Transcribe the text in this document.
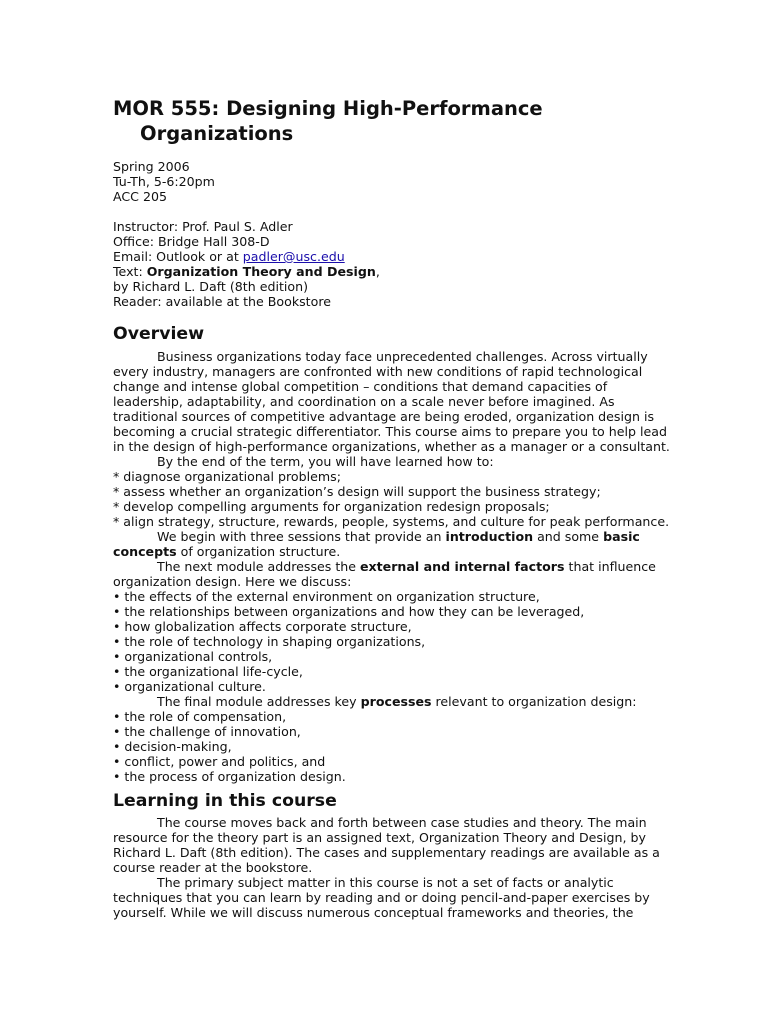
MOR 555: Designing High-Performance Organizations

Spring 2006

Tu-Th, 5-6:20pm

ACC 205

Instructor: Prof. Paul S. Adler

Office: Bridge Hall 308-D

Email: Outlook or at padler@usc.edu

Text: Organization Theory and Design,

by Richard L. Daft (8th edition)

Reader: available at the Bookstore

Overview

Business organizations today face unprecedented challenges. Across virtually

every industry, managers are confronted with new conditions of rapid technological

change and intense global competition – conditions that demand capacities of

leadership, adaptability, and coordination on a scale never before imagined. As

traditional sources of competitive advantage are being eroded, organization design is

becoming a crucial strategic differentiator. This course aims to prepare you to help lead

in the design of high-performance organizations, whether as a manager or a consultant.

By the end of the term, you will have learned how to:

* diagnose organizational problems;

* assess whether an organization’s design will support the business strategy;

* develop compelling arguments for organization redesign proposals;

* align strategy, structure, rewards, people, systems, and culture for peak performance.

We begin with three sessions that provide an introduction and some basic

concepts of organization structure.

The next module addresses the external and internal factors that influence

organization design. Here we discuss:

• the effects of the external environment on organization structure,

• the relationships between organizations and how they can be leveraged,

• how globalization affects corporate structure,

• the role of technology in shaping organizations,

• organizational controls,

• the organizational life-cycle,

• organizational culture.

The final module addresses key processes relevant to organization design:

• the role of compensation,

• the challenge of innovation,

• decision-making,

• conflict, power and politics, and

• the process of organization design.

Learning in this course

The course moves back and forth between case studies and theory. The main

resource for the theory part is an assigned text, Organization Theory and Design, by

Richard L. Daft (8th edition). The cases and supplementary readings are available as a

course reader at the bookstore.

The primary subject matter in this course is not a set of facts or analytic

techniques that you can learn by reading and or doing pencil-and-paper exercises by

yourself. While we will discuss numerous conceptual frameworks and theories, the
